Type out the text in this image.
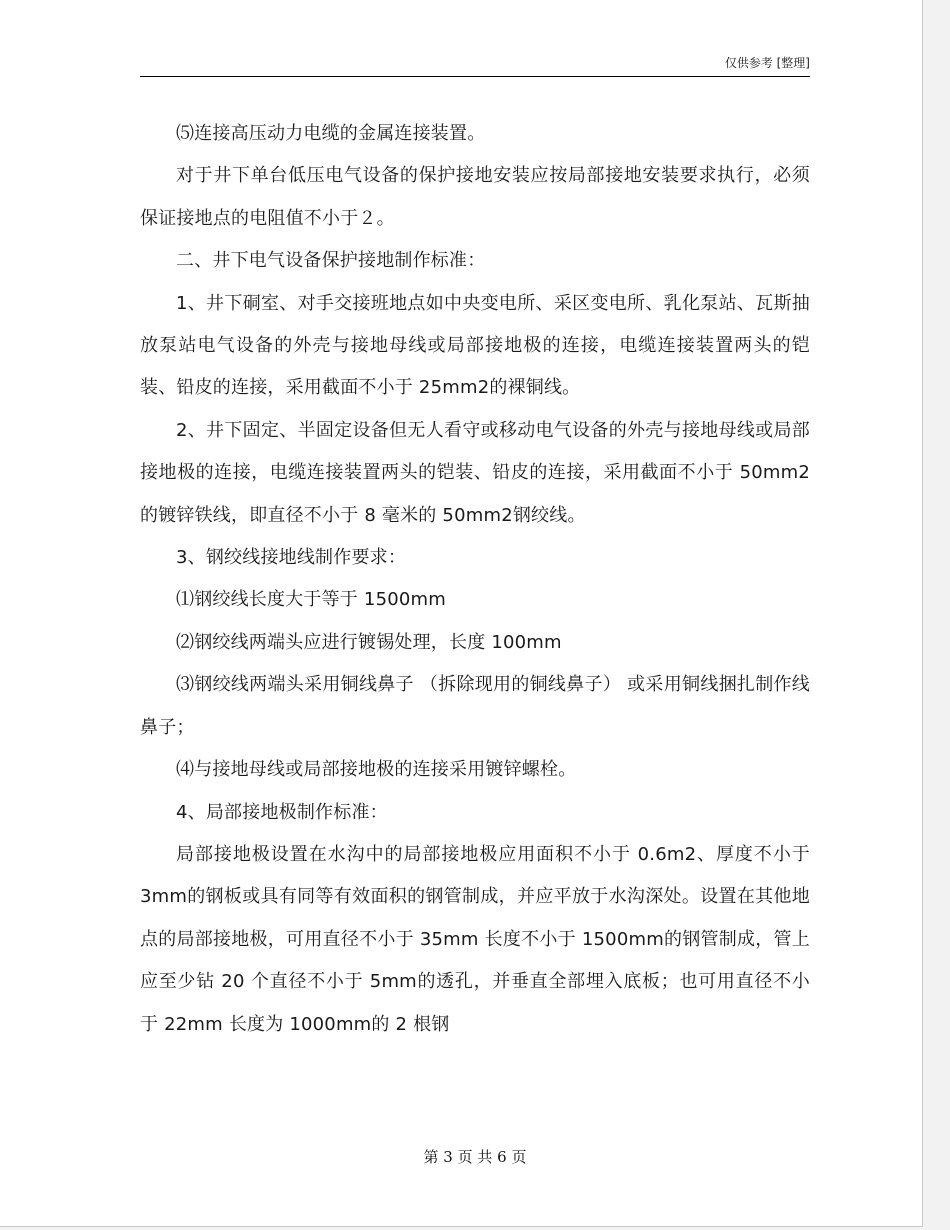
仅供参考 [整理]

⑸连接高压动力电缆的金属连接装置。

对于井下单台低压电气设备的保护接地安装应按局部接地安装要求执行，必须保证接地点的电阻值不小于２。

二、井下电气设备保护接地制作标准：

1、井下硐室、对手交接班地点如中央变电所、采区变电所、乳化泵站、瓦斯抽放泵站电气设备的外壳与接地母线或局部接地极的连接，电缆连接装置两头的铠装、铅皮的连接，采用截面不小于 25mm2的裸铜线。

2、井下固定、半固定设备但无人看守或移动电气设备的外壳与接地母线或局部接地极的连接，电缆连接装置两头的铠装、铅皮的连接，采用截面不小于 50mm2的镀锌铁线，即直径不小于 8 毫米的 50mm2钢绞线。

3、钢绞线接地线制作要求：

⑴钢绞线长度大于等于 1500mm

⑵钢绞线两端头应进行镀锡处理，长度 100mm

⑶钢绞线两端头采用铜线鼻子 （拆除现用的铜线鼻子） 或采用铜线捆扎制作线鼻子；

⑷与接地母线或局部接地极的连接采用镀锌螺栓。

4、局部接地极制作标准：

局部接地极设置在水沟中的局部接地极应用面积不小于 0.6m2、厚度不小于 3mm的钢板或具有同等有效面积的钢管制成，并应平放于水沟深处。设置在其他地点的局部接地极，可用直径不小于 35mm 长度不小于 1500mm的钢管制成，管上应至少钻 20 个直径不小于 5mm的透孔，并垂直全部埋入底板；也可用直径不小于 22mm 长度为 1000mm的 2 根钢

第 3 页 共 6 页
